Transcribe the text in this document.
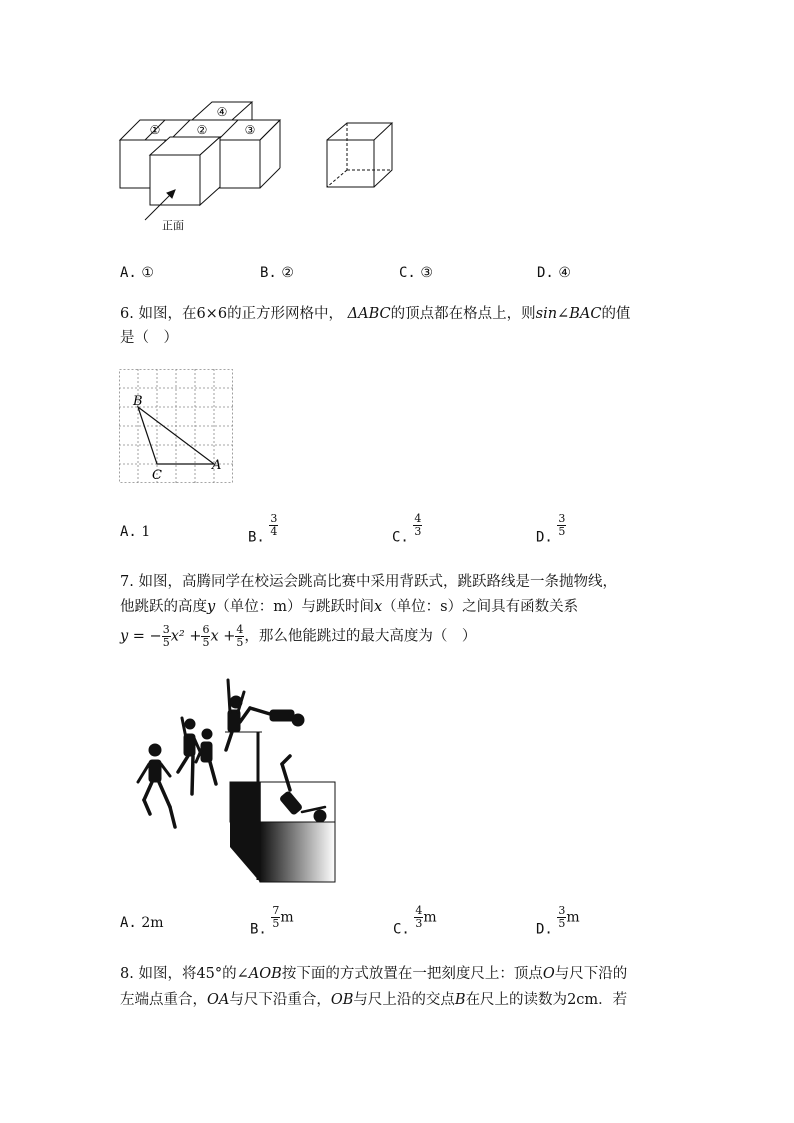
①	②	③
④
正面
A. ①	B. ②	C. ③	D. ④
6. 如图，在6×6的正方形网格中， ΔABC的顶点都在格点上，则sin∠BAC的值
是（　）
B
C
A
A. 1	B. $\frac{3}{4}$	C. $\frac{4}{3}$	D. $\frac{3}{5}$
7. 如图，高腾同学在校运会跳高比赛中采用背跃式，跳跃路线是一条抛物线，
他跳跃的高度y（单位：m）与跳跃时间x（单位：s）之间具有函数关系
y = − $\frac{3}{5} x^2 + \frac{6}{5}$ $x + \frac{4}{5}$ ，那么他能跳过的最大高度为（　）
A. 2m	B. $\frac{7}{5}$ m
C. $\frac{4}{3}$ m
D. $\frac{3}{5}$ m
8. 如图，将45°的∠AOB按下面的方式放置在一把刻度尺上：顶点O与尺下沿的
左端点重合，OA与尺下沿重合，OB与尺上沿的交点B在尺上的读数为2cm．若
